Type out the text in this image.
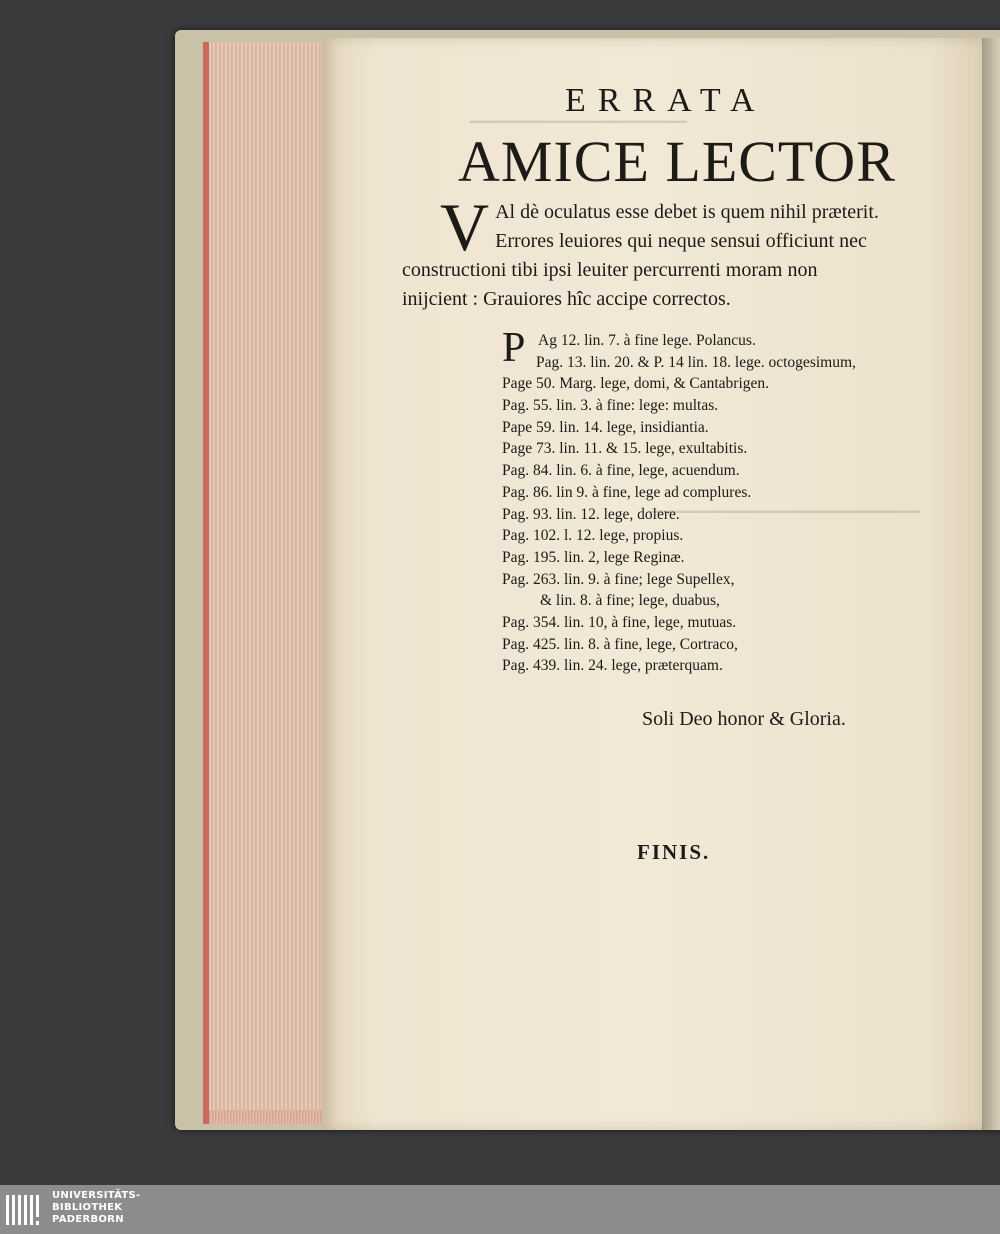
━━━━━━━━━━━━━━━━━━━━━━━━
━━━━━━━━━━━━━━━━━━━━━━━━━━━━━━
ERRATA
AMICE LECTOR
V Al dè oculatus esse debet is quem nihil præterit.
Errores leuiores qui neque sensui officiunt nec
constructioni tibi ipsi leuiter percurrenti moram non
inijcient : Grauiores hîc accipe correctos.
P Ag 12. lin. 7. à fine lege. Polancus.
Pag. 13. lin. 20. & P. 14 lin. 18. lege. octogesimum,
Page 50. Marg. lege, domi, & Cantabrigen.
Pag. 55. lin. 3. à fine: lege: multas.
Pape 59. lin. 14. lege, insidiantia.
Page 73. lin. 11. & 15. lege, exultabitis.
Pag. 84. lin. 6. à fine, lege, acuendum.
Pag. 86. lin 9. à fine, lege ad complures.
Pag. 93. lin. 12. lege, dolere.
Pag. 102. l. 12. lege, propius.
Pag. 195. lin. 2, lege Reginæ.
Pag. 263. lin. 9. à fine; lege Supellex,
& lin. 8. à fine; lege, duabus,
Pag. 354. lin. 10, à fine, lege, mutuas.
Pag. 425. lin. 8. à fine, lege, Cortraco,
Pag. 439. lin. 24. lege, præterquam.
Soli Deo honor & Gloria.
FINIS.
UNIVERSITÄTS-
BIBLIOTHEK
PADERBORN
